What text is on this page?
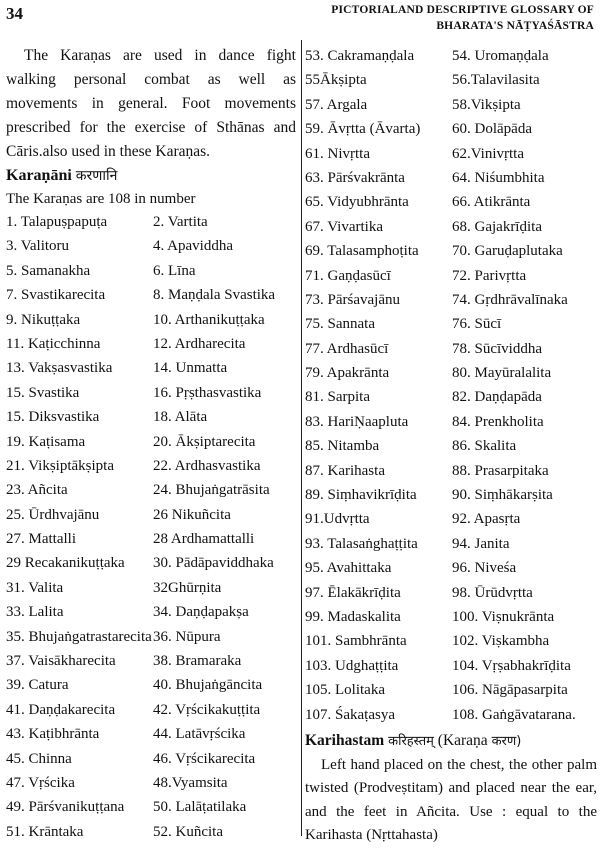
34	PICTORIALAND DESCRIPTIVE GLOSSARY OF
BHARATA'S NĀṬYAŚĀSTRA

The Karaṇas are used in dance fight walking personal combat as well as movements in general. Foot movements prescribed for the exercise of Sthānas and Cāris.also used in these Karaṇas.

Karaṇāni करणानि

The Karaṇas are 108 in number

1. Talapuṣpapuṭa	2. Vartita
3. Valitoru	4. Apaviddha
5. Samanakha	6. Līna
7. Svastikarecita	8. Maṇḍala Svastika
9. Nikuṭṭaka	10. Arthanikuṭṭaka
11. Kaṭicchinna	12. Ardharecita
13. Vakṣasvastika	14. Unmatta
15. Svastika	16. Pṛṣthasvastika
15. Diksvastika	18. Alāta
19. Kaṭisama	20. Ākṣiptarecita
21. Vikṣiptākṣipta	22. Ardhasvastika
23. Añcita	24. Bhujaṅgatrāsita
25. Ūrdhvajānu	26 Nikuñcita
27. Mattalli	28 Ardhamattalli
29 Recakanikuṭṭaka	30. Pādāpaviddhaka
31. Valita	32Ghūrṇita
33. Lalita	34. Daṇḍapakṣa
35. Bhujaṅgatrastarecita 36. Nūpura
37. Vaisākharecita	38. Bramaraka
39. Catura	40. Bhujaṅgāncita
41. Daṇḍakarecita	42. Vṛścikakuṭṭita
43. Kaṭibhrānta	44. Latāvṛścika
45. Chinna	46. Vṛścikarecita
47. Vṛścika	48.Vyamsita
49. Pārśvanikuṭṭana	50. Lalāṭatilaka
51. Krāntaka	52. Kuñcita
53. Cakramaṇḍala	54. Uromaṇḍala
55Ākṣipta	56.Talavilasita
57. Argala	58.Vikṣipta
59. Āvṛtta (Āvarta)	60. Dolāpāda
61. Nivṛtta	62.Vinivṛtta
63. Pārśvakrānta	64. Niśumbhita
65. Vidyubhrānta	66. Atikrānta
67. Vivartika	68. Gajakrīḍita
69. Talasamphoṭita	70. Garuḍaplutaka
71. Gaṇḍasūcī	72. Parivṛtta
73. Pārśavajānu	74. Gṛdhrāvalīnaka
75. Sannata	76. Sūcī
77. Ardhasūcī	78. Sūcīviddha
79. Apakrānta	80. Mayūralalita
81. Sarpita	82. Daṇḍapāda
83. HariṆaapluta	84. Prenkholita
85. Nitamba	86. Skalita
87. Karihasta	88. Prasarpitaka
89. Siṃhavikrīḍita	90. Siṃhākarṣita
91.Udvṛtta	92. Apasṛta
93. Talasaṅghaṭṭita	94. Janita
95. Avahittaka	96. Niveśa
97. Ēlakākrīḍita	98. Ūrūdvṛtta
99. Madaskalita	100. Viṣnukrānta
101. Sambhrānta	102. Viṣkambha
103. Udghaṭṭita	104. Vṛṣabhakrīḍita
105. Lolitaka	106. Nāgāpasarpita
107. Śakaṭasya	108. Gaṅgāvatarana.

Karihastam करिहस्तम् (Karaṇa करण)

Left hand placed on the chest, the other palm twisted (Prodveṣtitam) and placed near the ear, and the feet in Añcita. Use : equal to the Karihasta (Nṛttahasta)
